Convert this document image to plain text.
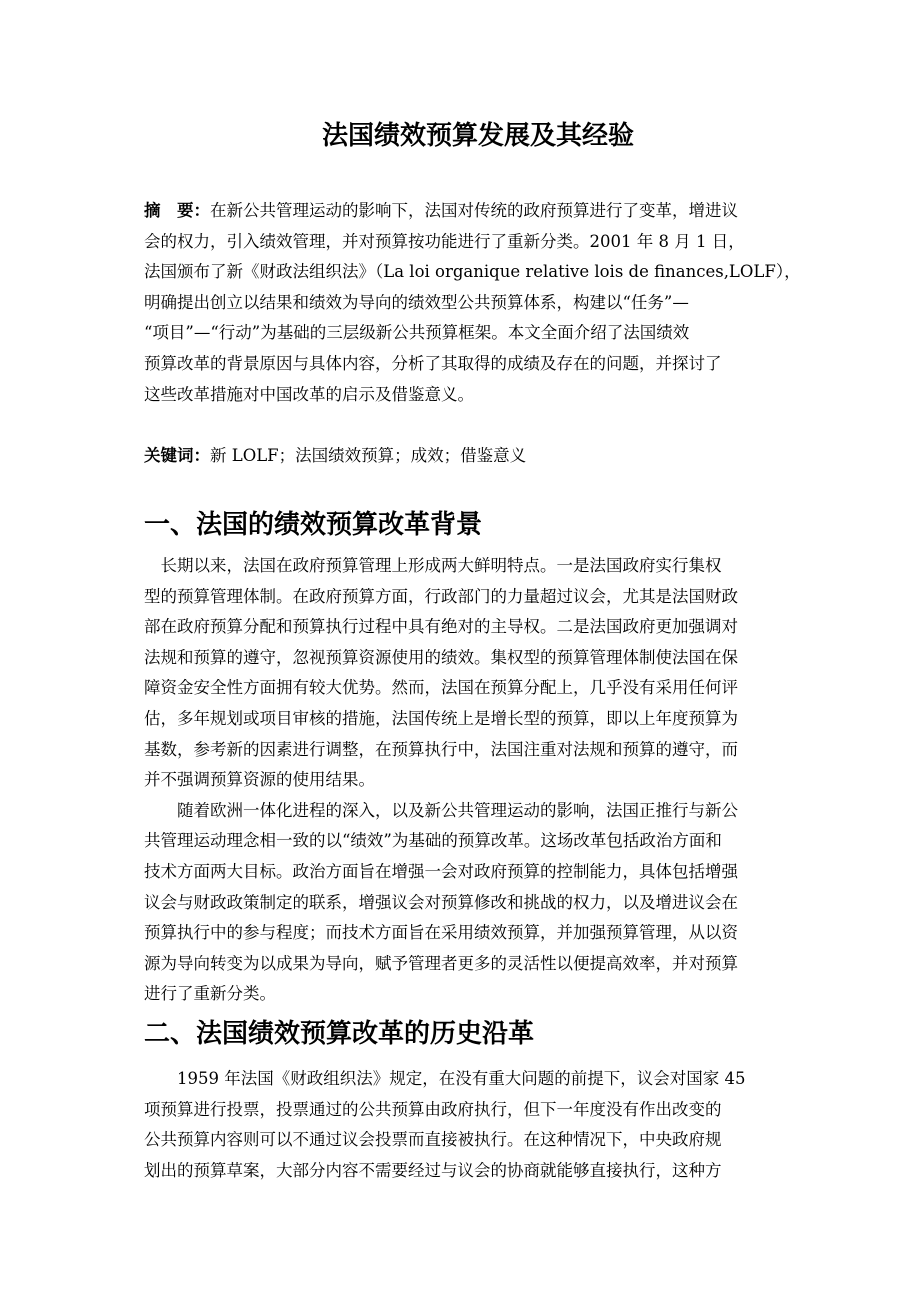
法国绩效预算发展及其经验
摘　要：在新公共管理运动的影响下，法国对传统的政府预算进行了变革，增进议
会的权力，引入绩效管理，并对预算按功能进行了重新分类。2001 年 8 月 1 日，
法国颁布了新《财政法组织法》（La loi organique relative lois de finances,LOLF），
明确提出创立以结果和绩效为导向的绩效型公共预算体系，构建以“任务”—
“项目”—“行动”为基础的三层级新公共预算框架。本文全面介绍了法国绩效
预算改革的背景原因与具体内容，分析了其取得的成绩及存在的问题，并探讨了
这些改革措施对中国改革的启示及借鉴意义。
关键词：新 LOLF；法国绩效预算；成效；借鉴意义
一、法国的绩效预算改革背景
　长期以来，法国在政府预算管理上形成两大鲜明特点。一是法国政府实行集权
型的预算管理体制。在政府预算方面，行政部门的力量超过议会，尤其是法国财政
部在政府预算分配和预算执行过程中具有绝对的主导权。二是法国政府更加强调对
法规和预算的遵守，忽视预算资源使用的绩效。集权型的预算管理体制使法国在保
障资金安全性方面拥有较大优势。然而，法国在预算分配上，几乎没有采用任何评
估，多年规划或项目审核的措施，法国传统上是增长型的预算，即以上年度预算为
基数，参考新的因素进行调整，在预算执行中，法国注重对法规和预算的遵守，而
并不强调预算资源的使用结果。
　　随着欧洲一体化进程的深入，以及新公共管理运动的影响，法国正推行与新公
共管理运动理念相一致的以“绩效”为基础的预算改革。这场改革包括政治方面和
技术方面两大目标。政治方面旨在增强一会对政府预算的控制能力，具体包括增强
议会与财政政策制定的联系，增强议会对预算修改和挑战的权力，以及增进议会在
预算执行中的参与程度；而技术方面旨在采用绩效预算，并加强预算管理，从以资
源为导向转变为以成果为导向，赋予管理者更多的灵活性以便提高效率，并对预算
进行了重新分类。
二、法国绩效预算改革的历史沿革
　　1959 年法国《财政组织法》规定，在没有重大问题的前提下，议会对国家 45
项预算进行投票，投票通过的公共预算由政府执行，但下一年度没有作出改变的
公共预算内容则可以不通过议会投票而直接被执行。在这种情况下，中央政府规
划出的预算草案，大部分内容不需要经过与议会的协商就能够直接执行，这种方
